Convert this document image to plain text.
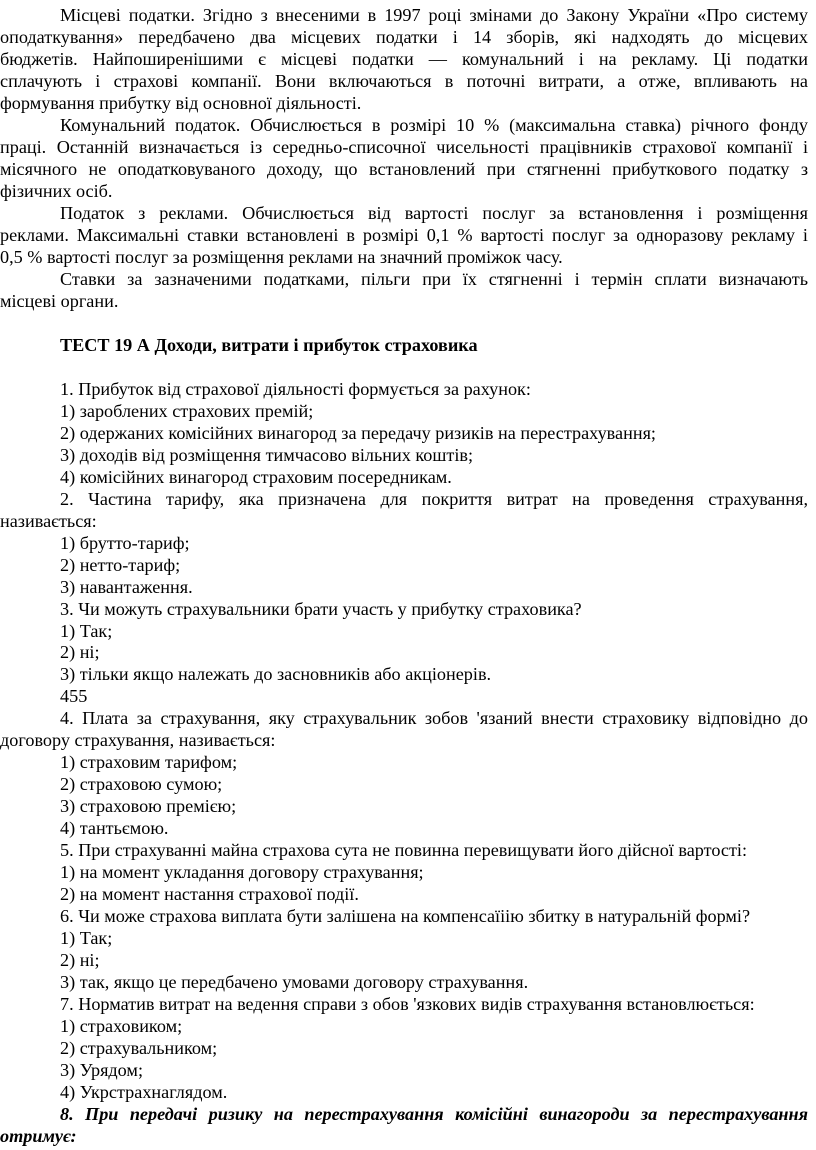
Місцеві податки. Згідно з внесеними в 1997 році змінами до Закону України «Про систему
оподаткування» передбачено два місцевих податки і 14 зборів, які надходять до місцевих
бюджетів. Найпоширенішими є місцеві податки — комунальний і на рекламу. Ці податки
сплачують і страхові компанії. Вони включаються в поточні витрати, а отже, впливають на
формування прибутку від основної діяльності.
Комунальний податок. Обчислюється в розмірі 10 % (максимальна ставка) річного фонду
праці. Останній визначається із середньо-списочної чисельності працівників страхової компанії і
місячного не оподатковуваного доходу, що встановлений при стягненні прибуткового податку з
фізичних осіб.
Податок з реклами. Обчислюється від вартості послуг за встановлення і розміщення
реклами. Максимальні ставки встановлені в розмірі 0,1 % вартості послуг за одноразову рекламу і
0,5 % вартості послуг за розміщення реклами на значний проміжок часу.
Ставки за зазначеними податками, пільги при їх стягненні і термін сплати визначають
місцеві органи.
ТЕСТ 19 А Доходи, витрати і прибуток страховика
1. Прибуток від страхової діяльності формується за рахунок:
1) зароблених страхових премій;
2) одержаних комісійних винагород за передачу ризиків на перестрахування;
3) доходів від розміщення тимчасово вільних коштів;
4) комісійних винагород страховим посередникам.
2. Частина тарифу, яка призначена для покриття витрат на проведення страхування,
називається:
1) брутто-тариф;
2) нетто-тариф;
3) навантаження.
3. Чи можуть страхувальники брати участь у прибутку страховика?
1) Так;
2) ні;
3) тільки якщо належать до засновників або акціонерів.
455
4. Плата за страхування, яку страхувальник зобов 'язаний внести страховику відповідно до
договору страхування, називається:
1) страховим тарифом;
2) страховою сумою;
3) страховою премією;
4) тантьємою.
5. При страхуванні майна страхова сута не повинна перевищувати його дійсної вартості:
1) на момент укладання договору страхування;
2) на момент настання страхової події.
6. Чи може страхова виплата бути залішена на компенсаїiію збитку в натуральній формі?
1) Так;
2) ні;
3) так, якщо це передбачено умовами договору страхування.
7. Норматив витрат на ведення справи з обов 'язкових видів страхування встановлюється:
1) страховиком;
2) страхувальником;
3) Урядом;
4) Укрстрахнаглядом.
8. При передачі ризику на перестрахування комісійні винагороди за перестрахування
отримує:
